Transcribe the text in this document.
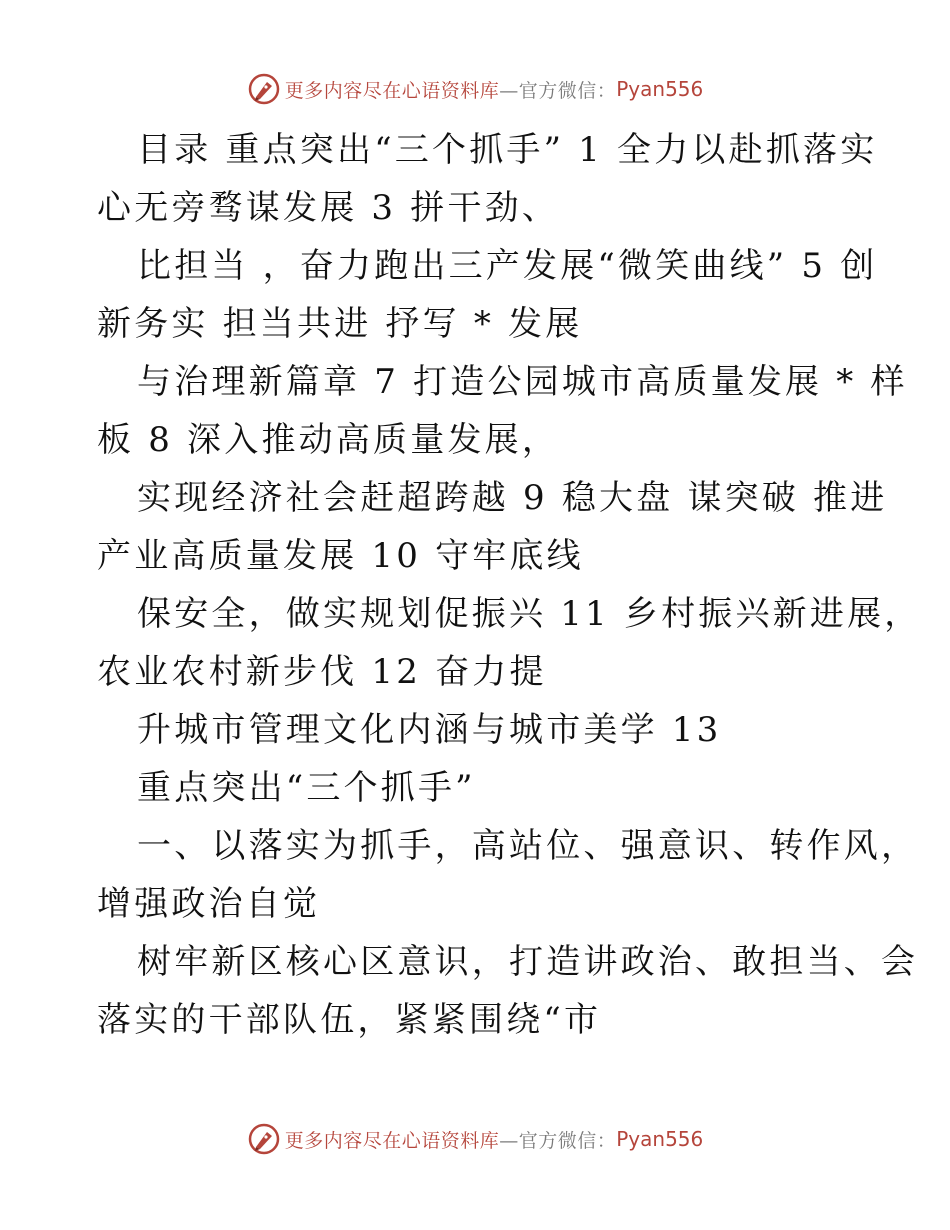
更多内容尽在心语资料库 —官方微信： Pyan556
目录 重点突出“三个抓手” 1 全力以赴抓落实
心无旁骛谋发展 3 拼干劲、
比担当 ，奋力跑出三产发展“微笑曲线” 5 创
新务实 担当共进 抒写 * 发展
与治理新篇章 7 打造公园城市高质量发展 * 样
板 8 深入推动高质量发展，
实现经济社会赶超跨越 9 稳大盘 谋突破 推进
产业高质量发展 10 守牢底线
保安全，做实规划促振兴 11 乡村振兴新进展，
农业农村新步伐 12 奋力提
升城市管理文化内涵与城市美学 13
重点突出“三个抓手”
一、以落实为抓手，高站位、强意识、转作风，
增强政治自觉
树牢新区核心区意识，打造讲政治、敢担当、会
落实的干部队伍，紧紧围绕“市
更多内容尽在心语资料库 —官方微信： Pyan556
